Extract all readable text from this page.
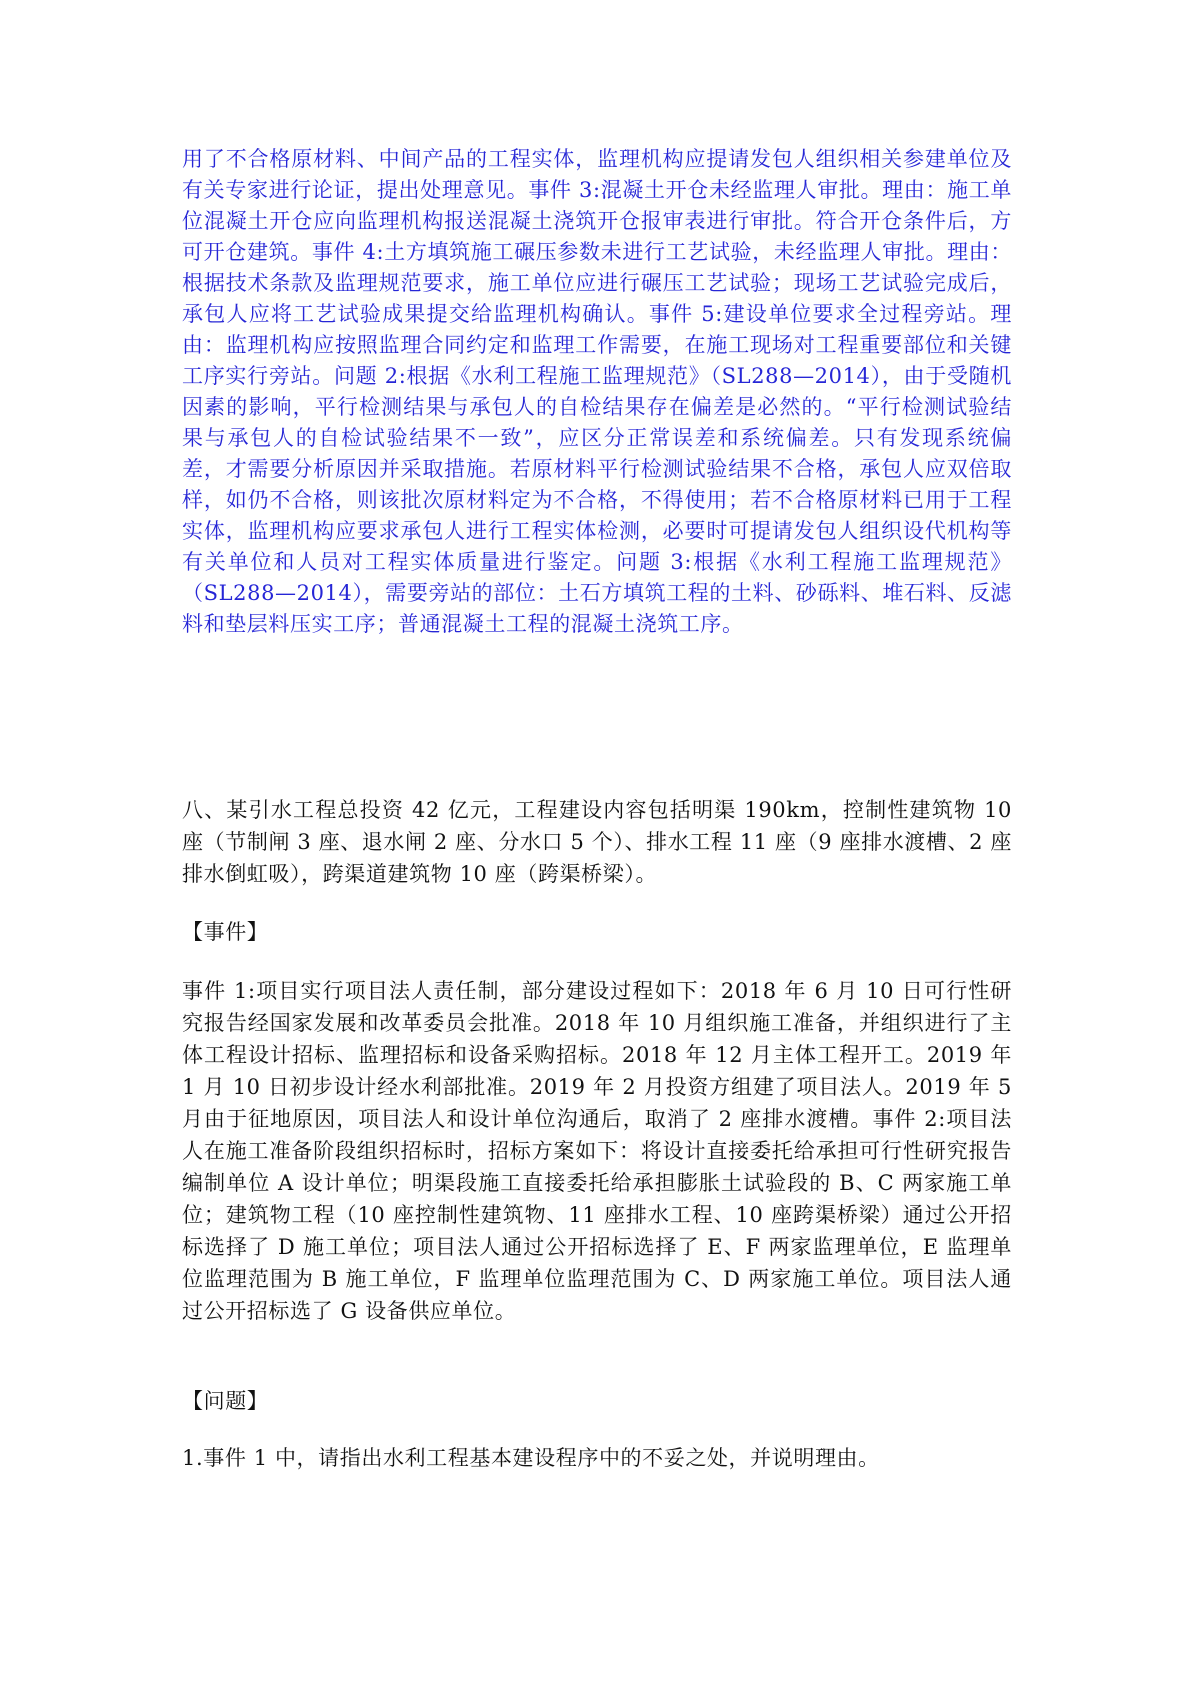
用了不合格原材料、中间产品的工程实体，监理机构应提请发包人组织相关参建单位及有关专家进行论证，提出处理意见。事件 3:混凝土开仓未经监理人审批。理由：施工单位混凝土开仓应向监理机构报送混凝土浇筑开仓报审表进行审批。符合开仓条件后，方可开仓建筑。事件 4:土方填筑施工碾压参数未进行工艺试验，未经监理人审批。理由：根据技术条款及监理规范要求，施工单位应进行碾压工艺试验；现场工艺试验完成后，承包人应将工艺试验成果提交给监理机构确认。事件 5:建设单位要求全过程旁站。理由：监理机构应按照监理合同约定和监理工作需要，在施工现场对工程重要部位和关键工序实行旁站。问题 2:根据《水利工程施工监理规范》（SL288—2014），由于受随机因素的影响，平行检测结果与承包人的自检结果存在偏差是必然的。“平行检测试验结果与承包人的自检试验结果不一致”，应区分正常误差和系统偏差。只有发现系统偏差，才需要分析原因并采取措施。若原材料平行检测试验结果不合格，承包人应双倍取样，如仍不合格，则该批次原材料定为不合格，不得使用；若不合格原材料已用于工程实体，监理机构应要求承包人进行工程实体检测，必要时可提请发包人组织设代机构等有关单位和人员对工程实体质量进行鉴定。问题 3:根据《水利工程施工监理规范》（SL288—2014），需要旁站的部位：土石方填筑工程的土料、砂砾料、堆石料、反滤料和垫层料压实工序；普通混凝土工程的混凝土浇筑工序。

八、某引水工程总投资 42 亿元，工程建设内容包括明渠 190km，控制性建筑物 10 座（节制闸 3 座、退水闸 2 座、分水口 5 个）、排水工程 11 座（9 座排水渡槽、2 座排水倒虹吸），跨渠道建筑物 10 座（跨渠桥梁）。

【事件】

事件 1:项目实行项目法人责任制，部分建设过程如下：2018 年 6 月 10 日可行性研究报告经国家发展和改革委员会批准。2018 年 10 月组织施工准备，并组织进行了主体工程设计招标、监理招标和设备采购招标。2018 年 12 月主体工程开工。2019 年 1 月 10 日初步设计经水利部批准。2019 年 2 月投资方组建了项目法人。2019 年 5 月由于征地原因，项目法人和设计单位沟通后，取消了 2 座排水渡槽。事件 2:项目法人在施工准备阶段组织招标时，招标方案如下：将设计直接委托给承担可行性研究报告编制单位 A 设计单位；明渠段施工直接委托给承担膨胀土试验段的 B、C 两家施工单位；建筑物工程（10 座控制性建筑物、11 座排水工程、10 座跨渠桥梁）通过公开招标选择了 D 施工单位；项目法人通过公开招标选择了 E、F 两家监理单位，E 监理单位监理范围为 B 施工单位，F 监理单位监理范围为 C、D 两家施工单位。项目法人通过公开招标选了 G 设备供应单位。

【问题】

1.事件 1 中，请指出水利工程基本建设程序中的不妥之处，并说明理由。
